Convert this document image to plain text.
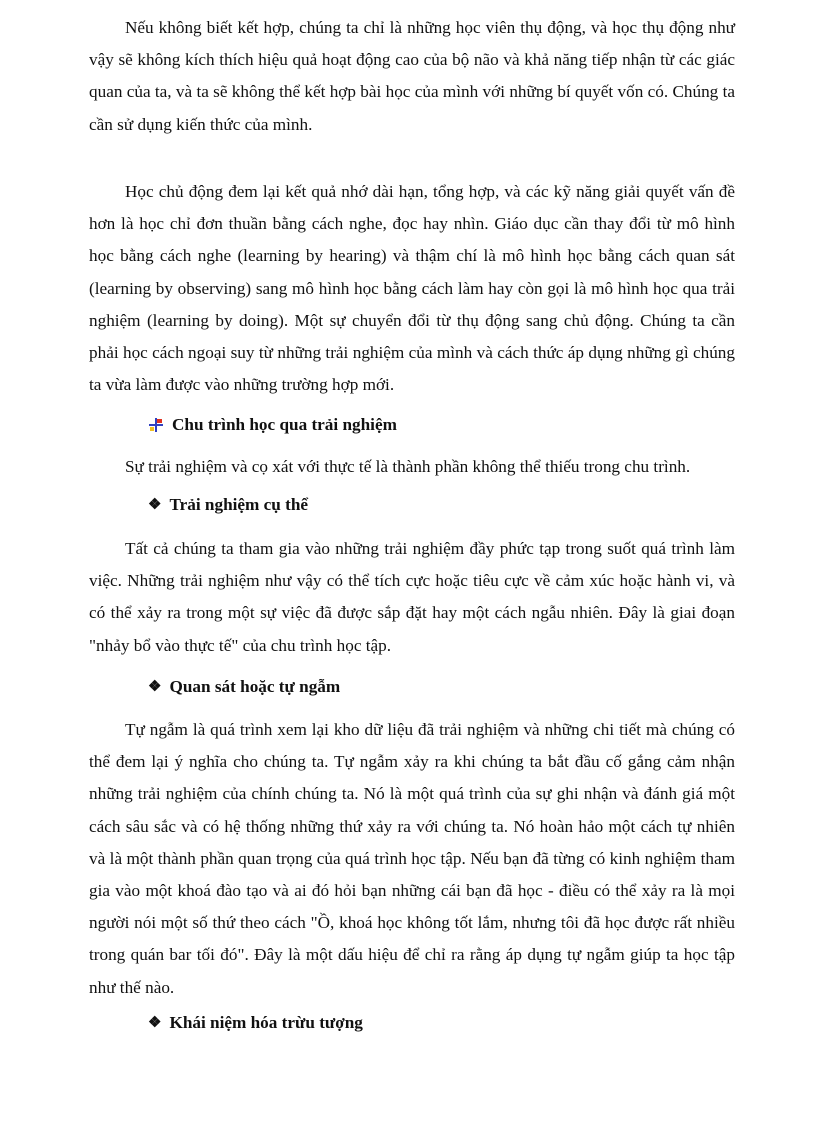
Nếu không biết kết hợp, chúng ta chỉ là những học viên thụ động, và học thụ động như vậy sẽ không kích thích hiệu quả hoạt động cao của bộ não và khả năng tiếp nhận từ các giác quan của ta, và ta sẽ không thể kết hợp bài học của mình với những bí quyết vốn có. Chúng ta cần sử dụng kiến thức của mình.

Học chủ động đem lại kết quả nhớ dài hạn, tổng hợp, và các kỹ năng giải quyết vấn đề hơn là học chỉ đơn thuần bằng cách nghe, đọc hay nhìn. Giáo dục cần thay đổi từ mô hình học bằng cách nghe (learning by hearing) và thậm chí là mô hình học bằng cách quan sát (learning by observing) sang mô hình học bằng cách làm hay còn gọi là mô hình học qua trải nghiệm (learning by doing). Một sự chuyển đổi từ thụ động sang chủ động. Chúng ta cần phải học cách ngoại suy từ những trải nghiệm của mình và cách thức áp dụng những gì chúng ta vừa làm được vào những trường hợp mới.

Chu trình học qua trải nghiệm

Sự trải nghiệm và cọ xát với thực tế là thành phần không thể thiếu trong chu trình.

❖ Trải nghiệm cụ thể

Tất cả chúng ta tham gia vào những trải nghiệm đầy phức tạp trong suốt quá trình làm việc. Những trải nghiệm như vậy có thể tích cực hoặc tiêu cực về cảm xúc hoặc hành vi, và có thể xảy ra trong một sự việc đã được sắp đặt hay một cách ngẫu nhiên. Đây là giai đoạn "nhảy bổ vào thực tế" của chu trình học tập.

❖ Quan sát hoặc tự ngẫm

Tự ngẫm là quá trình xem lại kho dữ liệu đã trải nghiệm và những chi tiết mà chúng có thể đem lại ý nghĩa cho chúng ta. Tự ngẫm xảy ra khi chúng ta bắt đầu cố gắng cảm nhận những trải nghiệm của chính chúng ta. Nó là một quá trình của sự ghi nhận và đánh giá một cách sâu sắc và có hệ thống những thứ xảy ra với chúng ta. Nó hoàn hảo một cách tự nhiên và là một thành phần quan trọng của quá trình học tập. Nếu bạn đã từng có kinh nghiệm tham gia vào một khoá đào tạo và ai đó hỏi bạn những cái bạn đã học - điều có thể xảy ra là mọi người nói một số thứ theo cách "Ồ, khoá học không tốt lắm, nhưng tôi đã học được rất nhiều trong quán bar tối đó". Đây là một dấu hiệu để chỉ ra rằng áp dụng tự ngẫm giúp ta học tập như thế nào.

❖ Khái niệm hóa trừu tượng
